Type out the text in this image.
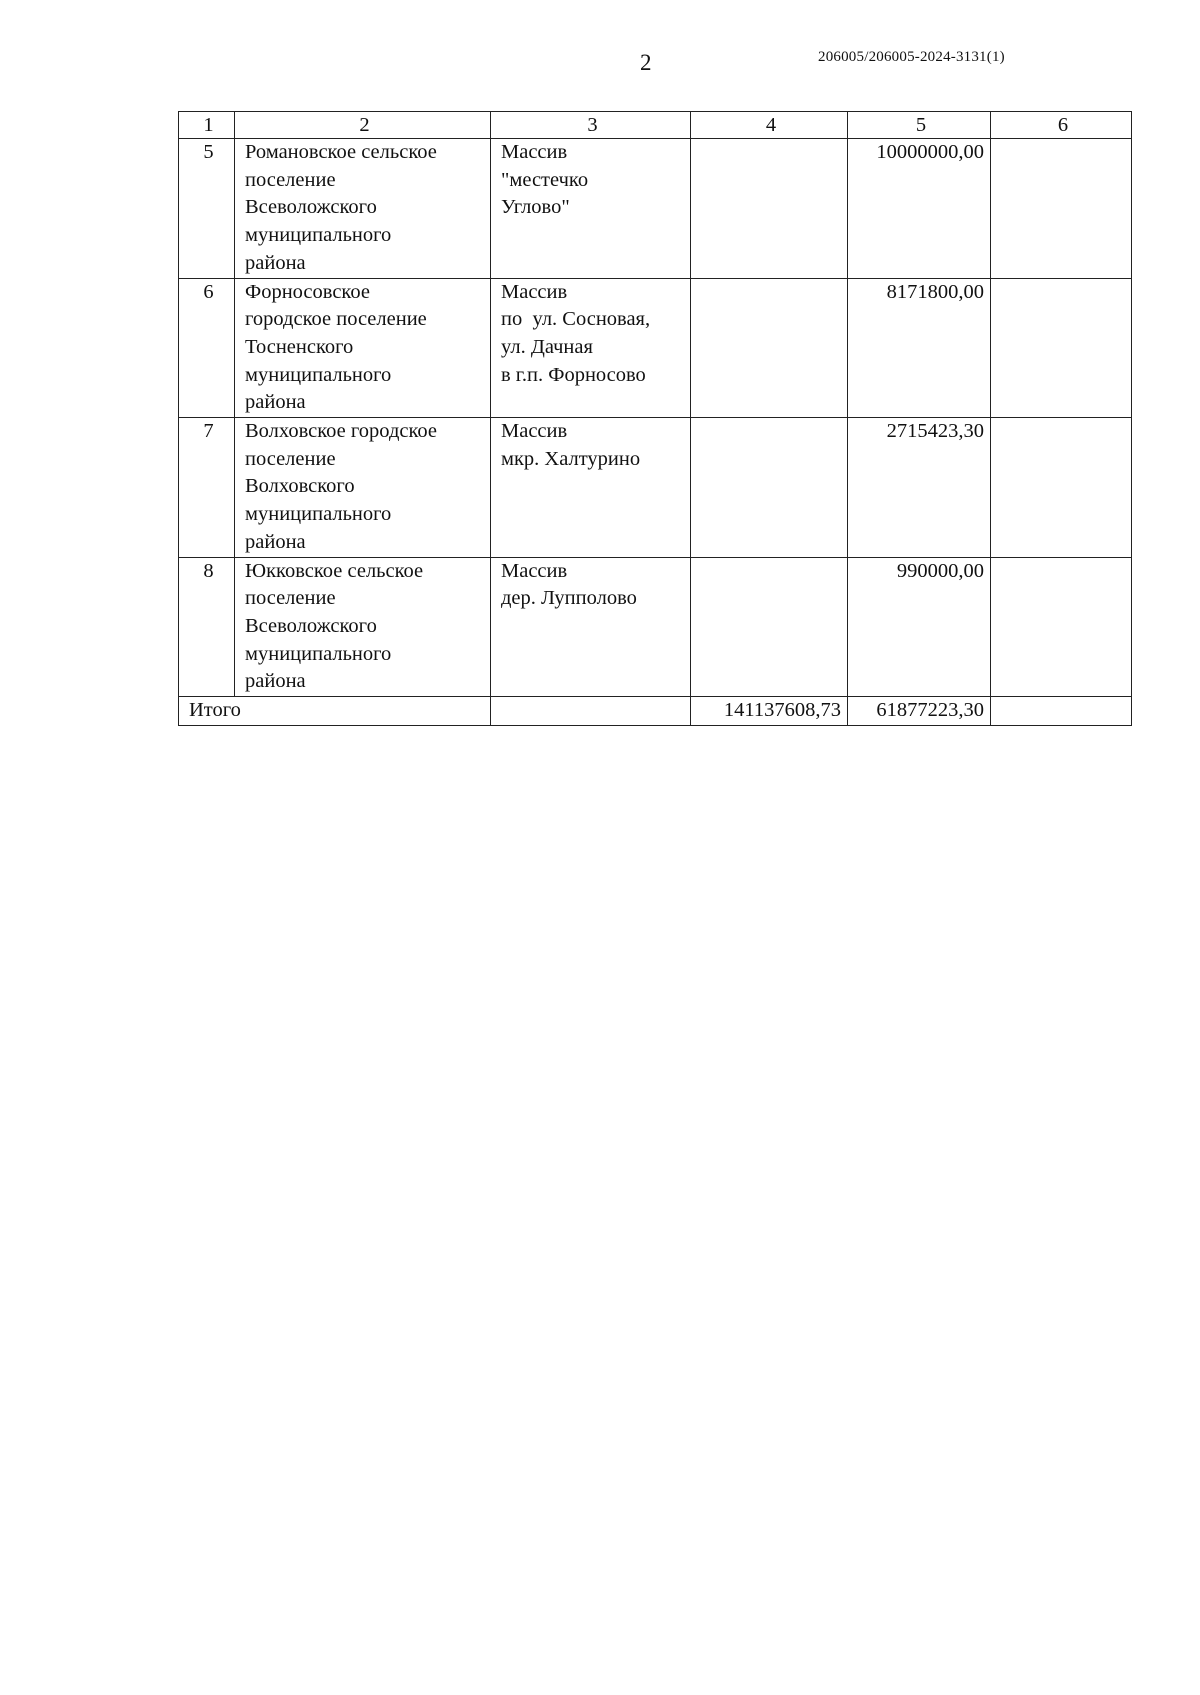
2	206005/206005-2024-3131(1)
1	2	3	4	5	6
5	Романовское сельское
поселение
Всеволожского
муниципального
района	Массив
"местечко
Углово"		10000000,00	
6	Форносовское
городское поселение
Тосненского
муниципального
района	Массив
по  ул. Сосновая,
ул. Дачная
в г.п. Форносово		8171800,00	
7	Волховское городское
поселение
Волховского
муниципального
района	Массив
мкр. Халтурино		2715423,30	
8	Юкковское сельское
поселение
Всеволожского
муниципального
района	Массив
дер. Лупполово		990000,00	
Итого			141137608,73	61877223,30	
